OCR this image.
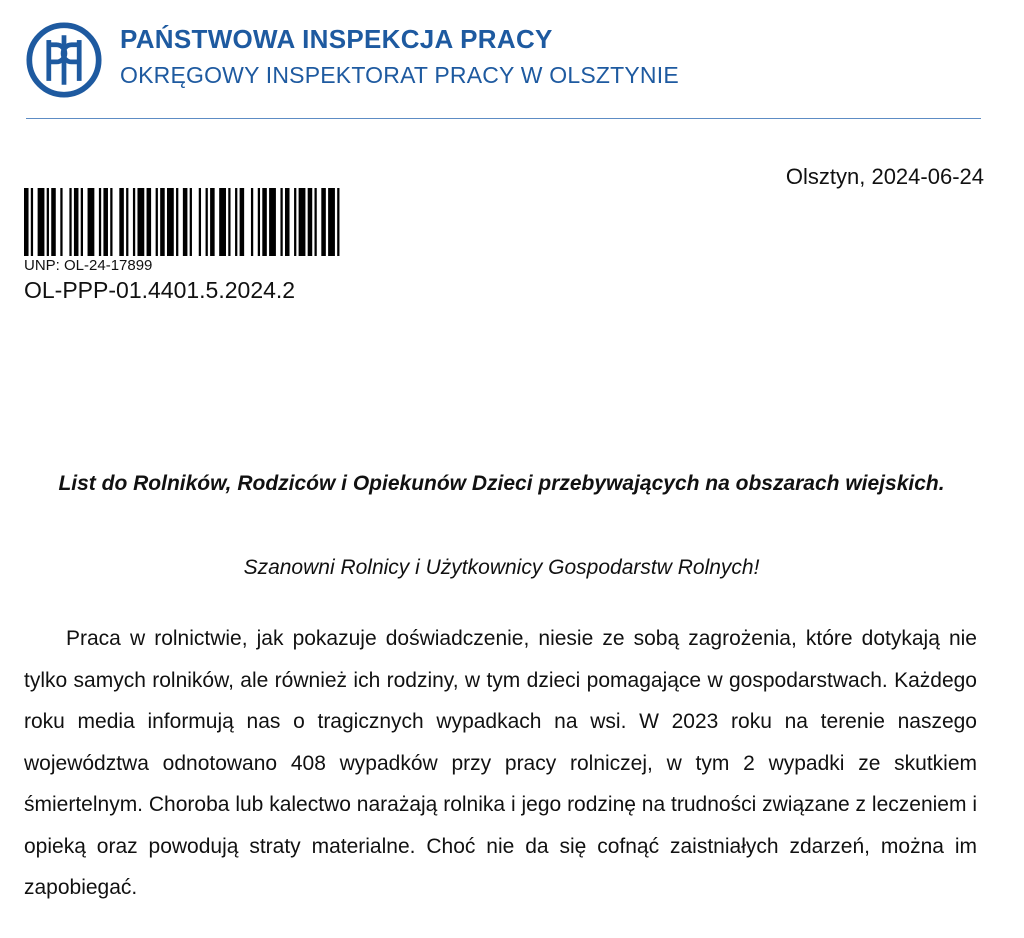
PAŃSTWOWA INSPEKCJA PRACY
OKRĘGOWY INSPEKTORAT PRACY W OLSZTYNIE
Olsztyn, 2024-06-24
UNP: OL-24-17899
OL-PPP-01.4401.5.2024.2
List do Rolników, Rodziców i Opiekunów Dzieci przebywających na obszarach wiejskich.
Szanowni Rolnicy i Użytkownicy Gospodarstw Rolnych!

Praca w rolnictwie, jak pokazuje doświadczenie, niesie ze sobą zagrożenia, które dotykają nie tylko samych rolników, ale również ich rodziny, w tym dzieci pomagające w gospodarstwach. Każdego roku media informują nas o tragicznych wypadkach na wsi. W 2023 roku na terenie naszego województwa odnotowano 408 wypadków przy pracy rolniczej, w tym 2 wypadki ze skutkiem śmiertelnym. Choroba lub kalectwo narażają rolnika i jego rodzinę na trudności związane z leczeniem i opieką oraz powodują straty materialne. Choć nie da się cofnąć zaistniałych zdarzeń, można im zapobiegać.
